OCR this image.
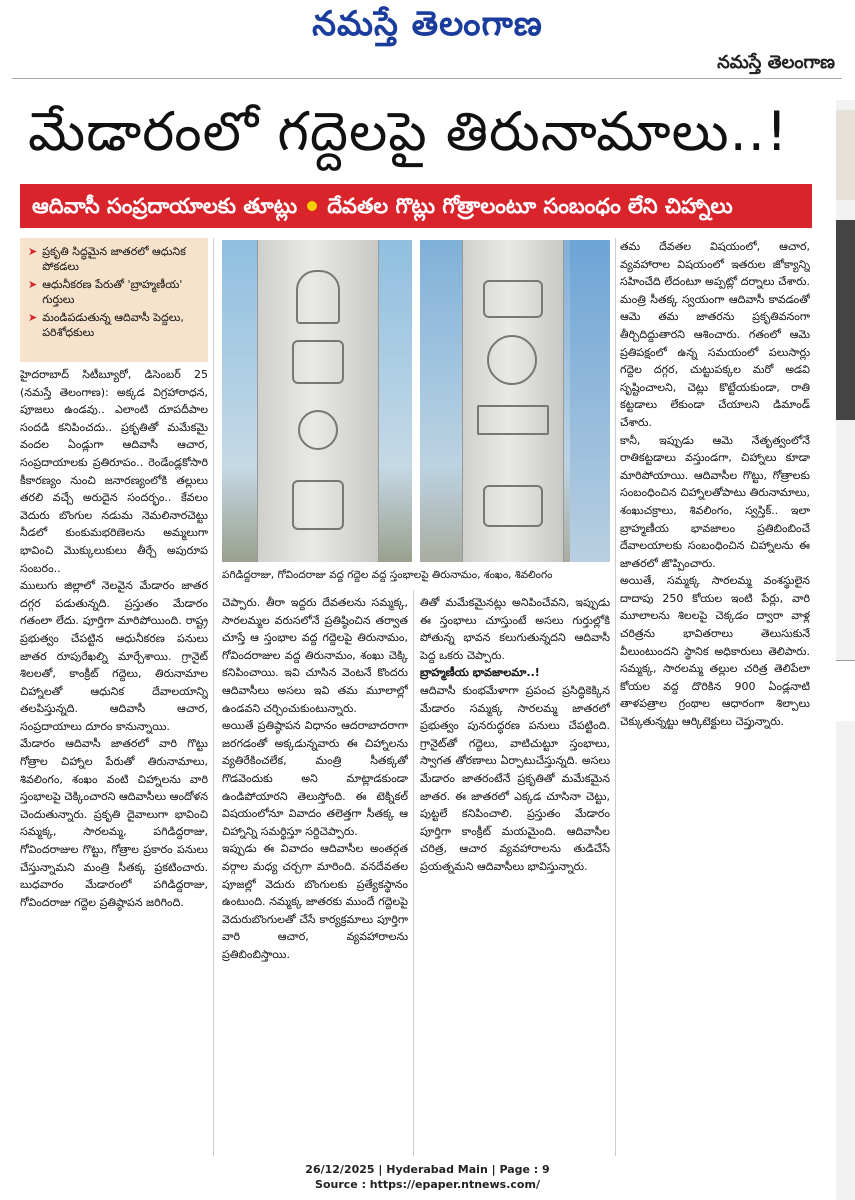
నమస్తే తెలంగాణ
నమస్తే తెలంగాణ
మేడారంలో గద్దెలపై తిరునామాలు..!
ఆదివాసీ సంప్రదాయాలకు తూట్లు దేవతల గొట్లు గోత్రాలంటూ సంబంధం లేని చిహ్నాలు
➤ ప్రకృతి సిద్ధమైన జాతరలో ఆధునిక పోకడలు
➤ ఆధునీకరణ పేరుతో 'బ్రాహ్మణీయ' గుర్తులు
➤ మండిపడుతున్న ఆదివాసీ పెద్దలు, పరిశోధకులు
పగిడిద్దరాజు, గోవిందరాజు వద్ద గద్దెల వద్ద స్తంభాలపై తిరునామం, శంఖం, శివలింగం

హైదరాబాద్ సిటీబ్యూరో, డిసెంబర్ 25 (నమస్తే తెలంగాణ): అక్కడ విగ్రహారాధన, పూజలు ఉండవు.. ఎలాంటి దూపదీపాల సందడి కనిపించదు.. ప్రకృతితో మమేకమై వందల ఏండ్లుగా ఆదివాసీ ఆచార, సంప్రదాయాలకు ప్రతిరూపం.. రెండేండ్లకోసారి కీకారణ్యం నుంచి జనారణ్యంలోకి తల్లులు తరలి వచ్చే అరుదైన సందర్భం.. కేవలం వెదురు బొంగుల నడుమ నెమలినారచెట్టు నీడలో కుంకుమభరిణెలను అమ్మలుగా భావించి మొక్కులుకులు తీర్చే అపురూప సంబరం..

ములుగు జిల్లాలో నెలవైన మేడారం జాతర దగ్గర పడుతున్నది. ప్రస్తుతం మేడారం గతంలా లేదు. పూర్తిగా మారిపోయింది. రాష్ట్ర ప్రభుత్వం చేపట్టిన ఆధునీకరణ పనులు జాతర రూపురేఖల్ని మార్చేశాయి. గ్రానైట్ శిలలతో, కాంక్రీట్ గద్దెలు, తిరునామాల చిహ్నాలతో ఆధునిక దేవాలయాన్ని తలపిస్తున్నది. ఆదివాసీ ఆచార, సంప్రదాయాలు దూరం కానున్నాయి.

మేడారం ఆదివాసీ జాతరలో వారి గొట్టు గోత్రాల చిహ్నాల పేరుతో తిరునామాలు, శివలింగం, శంఖం వంటి చిహ్నాలను వారి స్తంభాలపై చెక్కించారని ఆదివాసీలు ఆందోళన చెందుతున్నారు. ప్రకృతి దైవాలుగా భావించి సమ్మక్క, సారలమ్మ, పగిడిద్దరాజు, గోవిందరాజుల గొట్టు, గోత్రాల ప్రకారం పనులు చేస్తున్నామని మంత్రి సీతక్క ప్రకటించారు. బుధవారం మేడారంలో పగిడిద్దరాజు, గోవిందరాజు గద్దెల ప్రతిష్ఠాపన జరిగింది.

చెప్పారు. తీరా ఇద్దరు దేవతలను సమ్మక్క, సారలమ్మల వరుసలోనే ప్రతిష్ఠించిన తర్వాత చూస్తే ఆ స్తంభాల వద్ద గద్దెలపై తిరునామం, గోవిందరాజుల వద్ద తిరునామం, శంఖు చెక్కి కనిపించాయి. ఇవి చూసిన వెంటనే కొందరు ఆదివాసీలు అసలు ఇవి తమ మూలాల్లో ఉండవని చర్చించుకుంటున్నారు.

అయితే ప్రతిష్ఠాపన విధానం ఆదరాబాదరాగా జరగడంతో అక్కడున్నవారు ఈ చిహ్నాలను వ్యతిరేకించలేక, మంత్రి సీతక్కతో గొడవెందుకు అని మాట్లాడకుండా ఉండిపోయారని తెలుస్తోంది. ఈ టెక్నికల్ విషయంలోనూ వివాదం తలెత్తగా సీతక్క ఆ చిహ్నాన్ని సమర్థిస్తూ సర్దిచెప్పారు.

ఇప్పుడు ఈ వివాదం ఆదివాసీల అంతర్గత వర్గాల మధ్య చర్చగా మారింది. వనదేవతల పూజల్లో వెదురు బొంగులకు ప్రత్యేకస్థానం ఉంటుంది. నమ్మక్క జాతరకు ముందే గద్దెలపై వెదురుబొంగులతో చేసే కార్యక్రమాలు పూర్తిగా వారి ఆచార, వ్యవహారాలను ప్రతిబింబిస్తాయి.

తితో మమేకమైనట్లు అనిపించేవని, ఇప్పుడు ఈ స్తంభాలు చూస్తుంటే అసలు గుర్తుల్లోకి పోతున్న భావన కలుగుతున్నదని ఆదివాసీ పెద్ద ఒకరు చెప్పారు.

బ్రాహ్మణీయ భావజాలమా..!

ఆదివాసీ కుంభమేళాగా ప్రపంచ ప్రసిద్ధికెక్కిన మేడారం సమ్మక్క సారలమ్మ జాతరలో ప్రభుత్వం పునరుద్ధరణ పనులు చేపట్టింది. గ్రానైట్‌తో గద్దెలు, వాటిచుట్టూ స్తంభాలు, స్వాగత తోరణాలు ఏర్పాటుచేస్తున్నది. అసలు మేడారం జాతరంటేనే ప్రకృతితో మమేకమైన జాతర. ఈ జాతరలో ఎక్కడ చూసినా చెట్టు, పుట్టలే కనిపించాలి. ప్రస్తుతం మేడారం పూర్తిగా కాంక్రీట్ మయమైంది. ఆదివాసీల చరిత్ర, ఆచార వ్యవహారాలను తుడిచేసే ప్రయత్నమని ఆదివాసీలు భావిస్తున్నారు.

తమ దేవతల విషయంలో, ఆచార, వ్యవహారాల విషయంలో ఇతరుల జోక్యాన్ని సహించేది లేదంటూ అప్పట్లో దర్నాలు చేశారు. మంత్రి సీతక్క స్వయంగా ఆదివాసీ కావడంతో ఆమె తమ జాతరను ప్రకృతివనంగా తీర్చిదిద్దుతారని ఆశించారు. గతంలో ఆమె ప్రతిపక్షంలో ఉన్న సమయంలో పలుసార్లు గద్దెల దగ్గర, చుట్టుపక్కల మరో అడవి సృష్టించాలని, చెట్లు కొట్టేయకుండా, రాతి కట్టడాలు లేకుండా చేయాలని డిమాండ్ చేశారు.

కానీ, ఇప్పుడు ఆమె నేతృత్వంలోనే రాతికట్టడాలు వస్తుండగా, చిహ్నాలు కూడా మారిపోయాయి. ఆదివాసీల గొట్టు, గోత్రాలకు సంబంధించిన చిహ్నాలతోపాటు తిరునామాలు, శంఖుచక్రాలు, శివలింగం, స్వస్తిక్.. ఇలా బ్రాహ్మణీయ భావజాలం ప్రతిబింబించే దేవాలయాలకు సంబంధించిన చిహ్నాలను ఈ జాతరలో జొప్పించారు.

అయితే, సమ్మక్క సారలమ్మ వంశస్థులైన దాదాపు 250 కోయల ఇంటి పేర్లు, వారి మూలాలను శిలలపై చెక్కడం ద్వారా వాళ్ల చరిత్రను భావితరాలు తెలుసుకునే వీలుంటుందని స్థానిక అధికారులు తెలిపారు. సమ్మక్క, సారలమ్మ తల్లుల చరిత్ర తెలిపేలా కోయల వద్ద దొరికిన 900 ఏండ్లనాటి తాళపత్రాల గ్రంథాల ఆధారంగా శిల్పాలు చెక్కుతున్నట్టు ఆర్కిటెక్టులు చెప్తున్నారు.

26/12/2025 | Hyderabad Main | Page : 9
Source : https://epaper.ntnews.com/
